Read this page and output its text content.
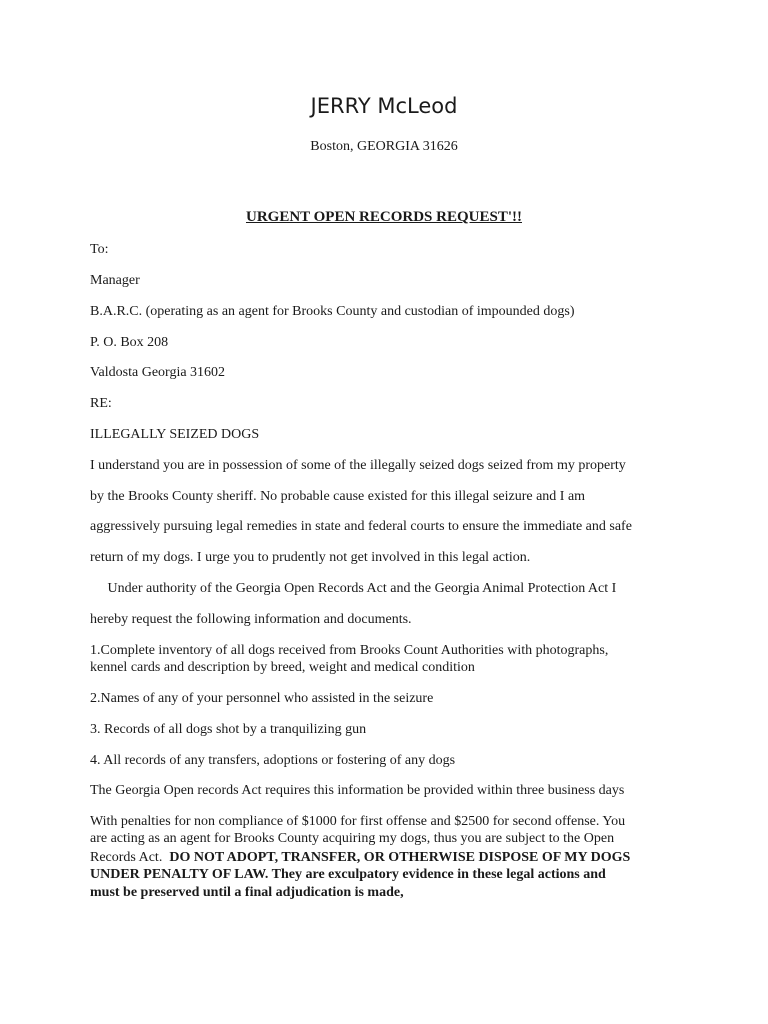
JERRY McLeod
Boston, GEORGIA 31626
URGENT OPEN RECORDS REQUEST'!!
To:
Manager
B.A.R.C. (operating as an agent for Brooks County and custodian of impounded dogs)
P. O. Box 208
Valdosta Georgia 31602
RE:
ILLEGALLY SEIZED DOGS
I understand you are in possession of some of the illegally seized dogs seized from my property
by the Brooks County sheriff. No probable cause existed for this illegal seizure and I am
aggressively pursuing legal remedies in state and federal courts to ensure the immediate and safe
return of my dogs. I urge you to prudently not get involved in this legal action.
Under authority of the Georgia Open Records Act and the Georgia Animal Protection Act I
hereby request the following information and documents.
1.Complete inventory of all dogs received from Brooks Count Authorities with photographs,
kennel cards and description by breed, weight and medical condition
2.Names of any of your personnel who assisted in the seizure
3. Records of all dogs shot by a tranquilizing gun
4. All records of any transfers, adoptions or fostering of any dogs
The Georgia Open records Act requires this information be provided within three business days
With penalties for non compliance of $1000 for first offense and $2500 for second offense. You
are acting as an agent for Brooks County acquiring my dogs, thus you are subject to the Open
Records Act.  DO NOT ADOPT, TRANSFER, OR OTHERWISE DISPOSE OF MY DOGS
UNDER PENALTY OF LAW. They are exculpatory evidence in these legal actions and
must be preserved until a final adjudication is made,
